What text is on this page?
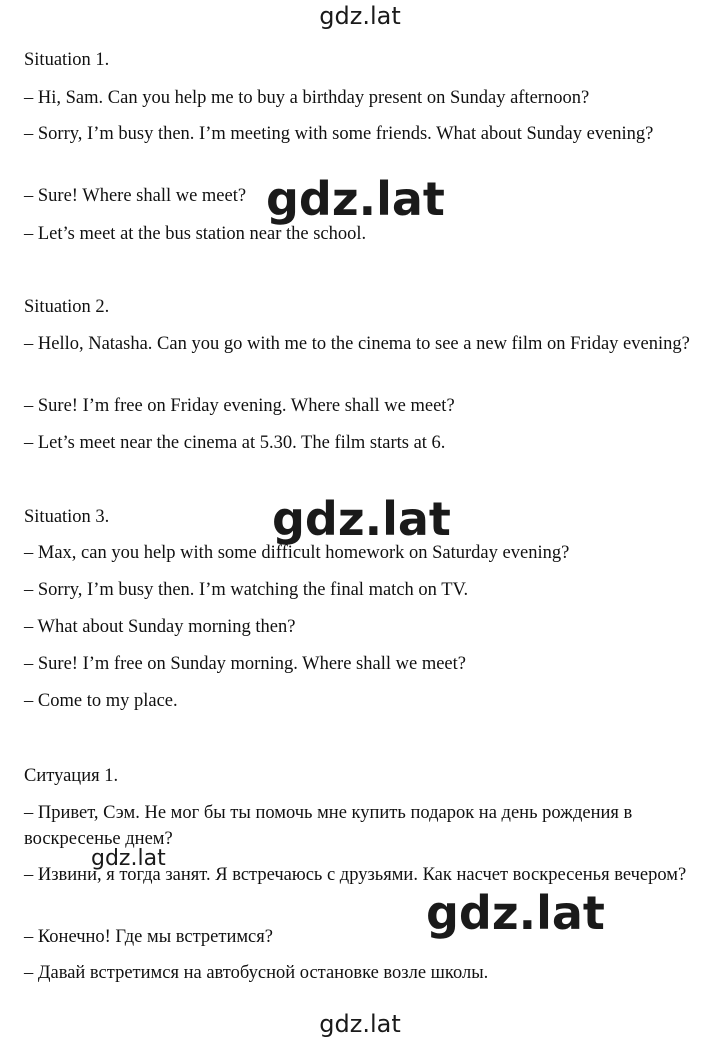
gdz.lat
Situation 1.
– Hi, Sam. Can you help me to buy a birthday present on Sunday afternoon?
– Sorry, I’m busy then. I’m meeting with some friends. What about Sunday evening?
– Sure! Where shall we meet?
– Let’s meet at the bus station near the school.
Situation 2.
– Hello, Natasha. Can you go with me to the cinema to see a new film on Friday evening?
– Sure! I’m free on Friday evening. Where shall we meet?
– Let’s meet near the cinema at 5.30. The film starts at 6.
Situation 3.
– Max, can you help with some difficult homework on Saturday evening?
– Sorry, I’m busy then. I’m watching the final match on TV.
– What about Sunday morning then?
– Sure! I’m free on Sunday morning. Where shall we meet?
– Come to my place.
Ситуация 1.
– Привет, Сэм. Не мог бы ты помочь мне купить подарок на день рождения в воскресенье днем?
– Извини, я тогда занят. Я встречаюсь с друзьями. Как насчет воскресенья вечером?
– Конечно! Где мы встретимся?
– Давай встретимся на автобусной остановке возле школы.
gdz.lat
gdz.lat
gdz.lat
gdz.lat
gdz.lat
